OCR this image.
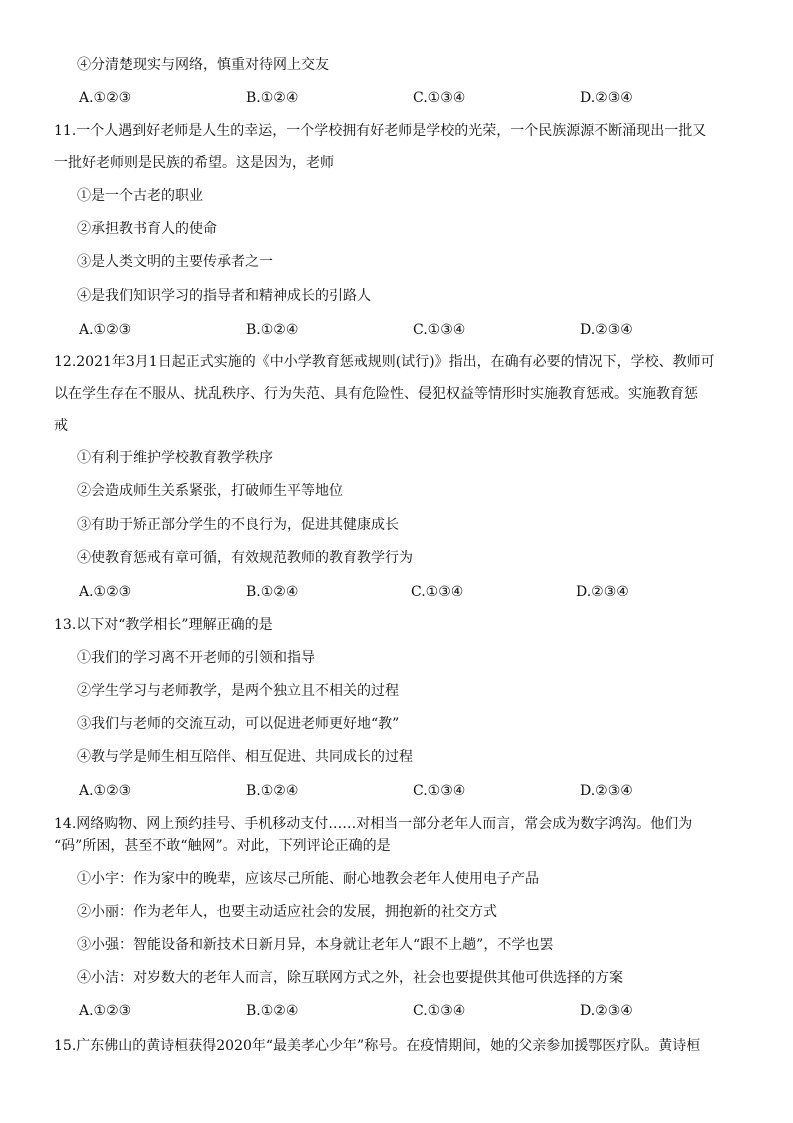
④分清楚现实与网络，慎重对待网上交友
A.①②③	B.①②④	C.①③④	D.②③④
11.一个人遇到好老师是人生的幸运，一个学校拥有好老师是学校的光荣，一个民族源源不断涌现出一批又
一批好老师则是民族的希望。这是因为，老师
①是一个古老的职业
②承担教书育人的使命
③是人类文明的主要传承者之一
④是我们知识学习的指导者和精神成长的引路人
A.①②③	B.①②④	C.①③④	D.②③④
12.2021年3月1日起正式实施的《中小学教育惩戒规则(试行)》指出，在确有必要的情况下，学校、教师可
以在学生存在不服从、扰乱秩序、行为失范、具有危险性、侵犯权益等情形时实施教育惩戒。实施教育惩
戒
①有利于维护学校教育教学秩序
②会造成师生关系紧张，打破师生平等地位
③有助于矫正部分学生的不良行为，促进其健康成长
④使教育惩戒有章可循，有效规范教师的教育教学行为
A.①②③	B.①②④	C.①③④	D.②③④
13.以下对“教学相长”理解正确的是
①我们的学习离不开老师的引领和指导
②学生学习与老师教学，是两个独立且不相关的过程
③我们与老师的交流互动，可以促进老师更好地“教”
④教与学是师生相互陪伴、相互促进、共同成长的过程
A.①②③	B.①②④	C.①③④	D.②③④
14.网络购物、网上预约挂号、手机移动支付……对相当一部分老年人而言，常会成为数字鸿沟。他们为
“码”所困，甚至不敢“触网”。对此，下列评论正确的是
①小宇：作为家中的晚辈，应该尽己所能、耐心地教会老年人使用电子产品
②小丽：作为老年人，也要主动适应社会的发展，拥抱新的社交方式
③小强：智能设备和新技术日新月异，本身就让老年人“跟不上趟”，不学也罢
④小洁：对岁数大的老年人而言，除互联网方式之外，社会也要提供其他可供选择的方案
A.①②③	B.①②④	C.①③④	D.②③④
15.广东佛山的黄诗桓获得2020年“最美孝心少年”称号。在疫情期间，她的父亲参加援鄂医疗队。黄诗桓
